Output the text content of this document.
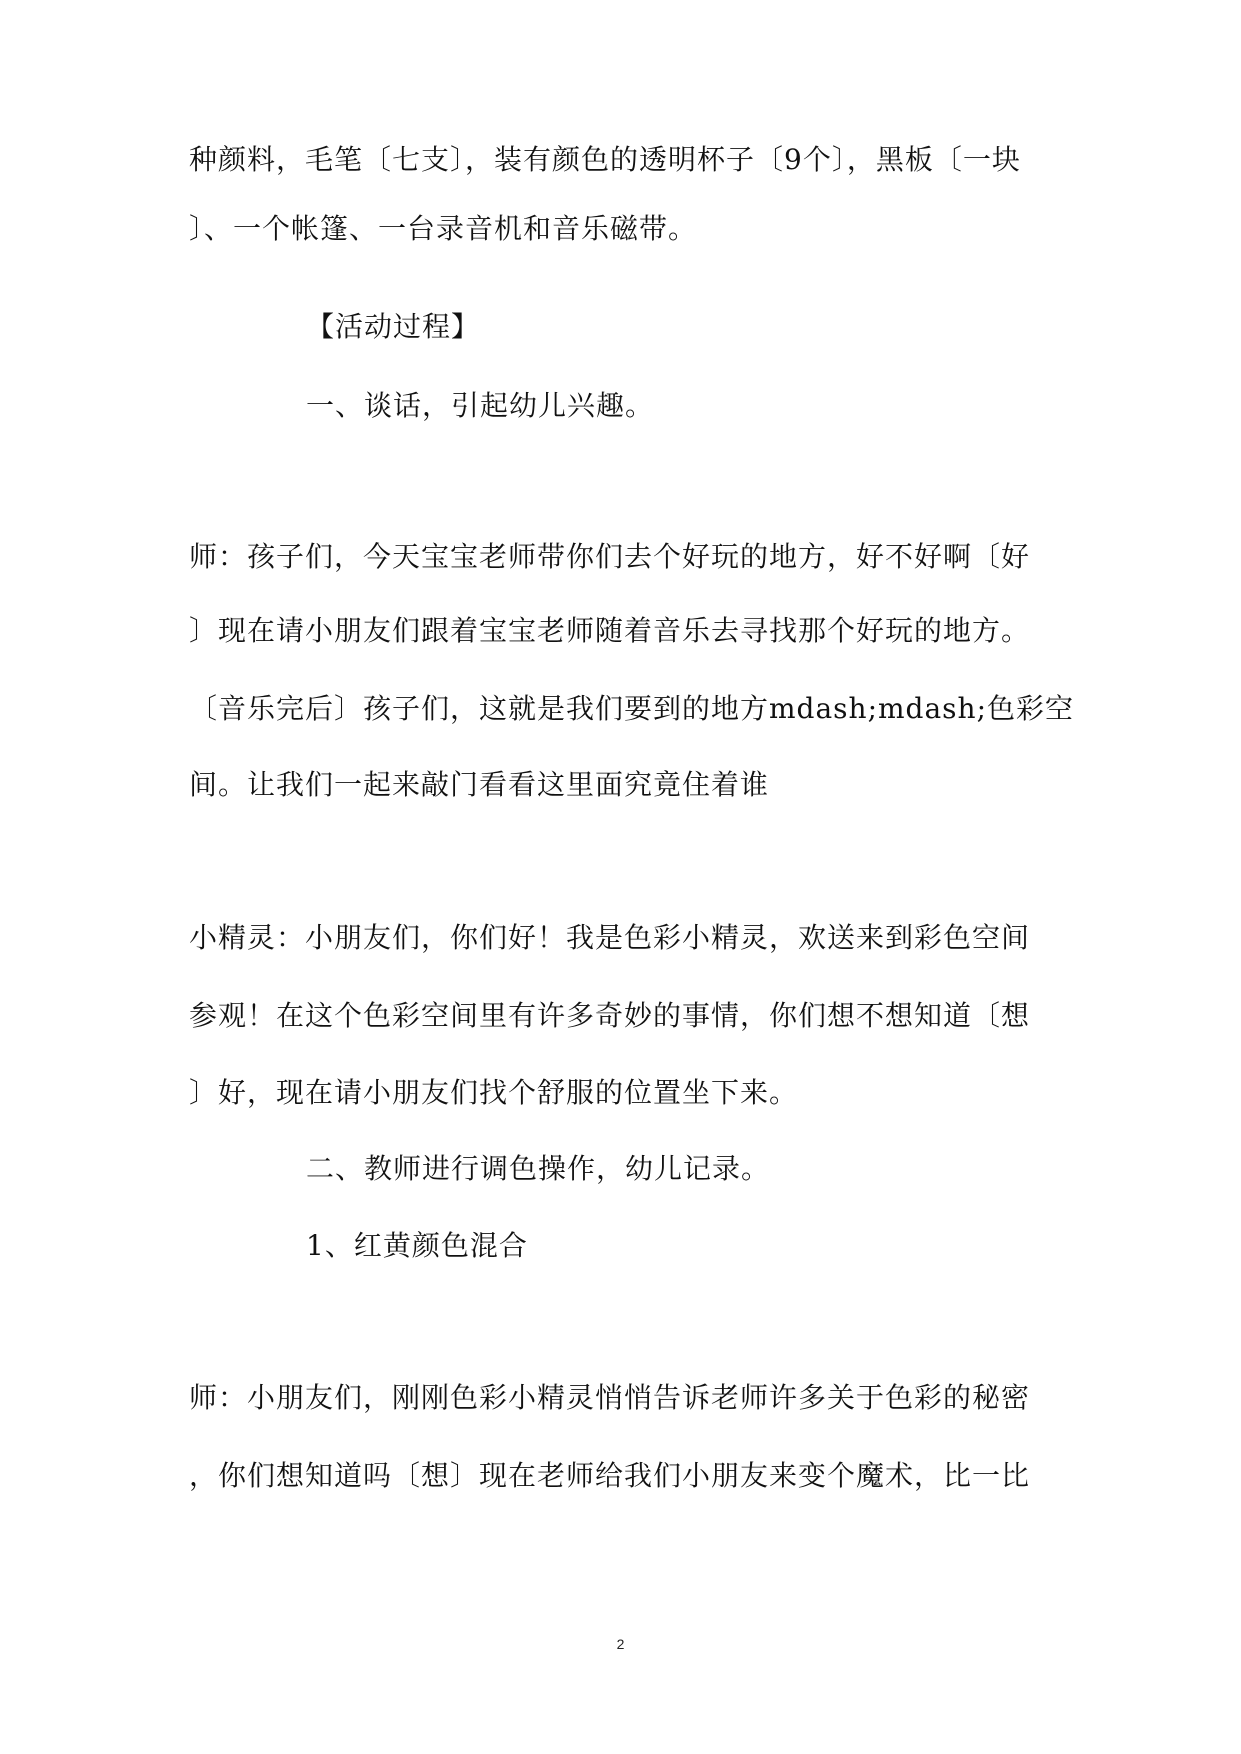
种颜料，毛笔〔七支〕，装有颜色的透明杯子〔9个〕，黑板〔一块
〕、一个帐篷、一台录音机和音乐磁带。
【活动过程】
一、谈话，引起幼儿兴趣。
师：孩子们，今天宝宝老师带你们去个好玩的地方，好不好啊〔好
〕现在请小朋友们跟着宝宝老师随着音乐去寻找那个好玩的地方。
〔音乐完后〕孩子们，这就是我们要到的地方mdash;mdash;色彩空
间。让我们一起来敲门看看这里面究竟住着谁
小精灵：小朋友们，你们好！我是色彩小精灵，欢送来到彩色空间
参观！在这个色彩空间里有许多奇妙的事情，你们想不想知道〔想
〕好，现在请小朋友们找个舒服的位置坐下来。
二、教师进行调色操作，幼儿记录。
1、红黄颜色混合
师：小朋友们，刚刚色彩小精灵悄悄告诉老师许多关于色彩的秘密
，你们想知道吗〔想〕现在老师给我们小朋友来变个魔术，比一比
2
